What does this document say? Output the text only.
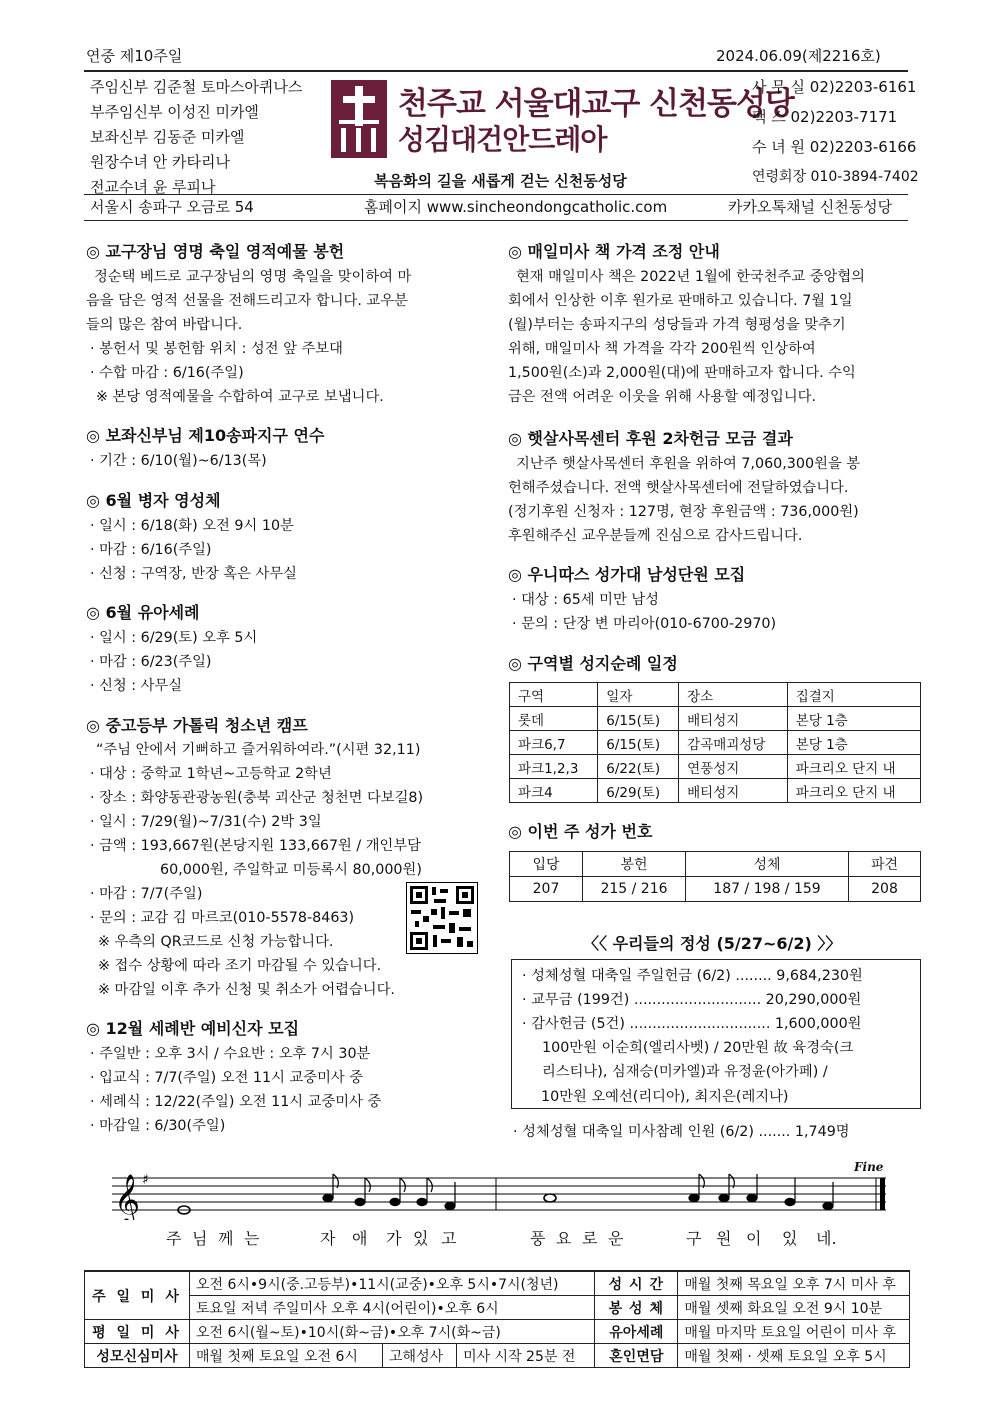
연중 제10주일	2024.06.09(제2216호)
주임신부 김준철 토마스아퀴나스
부주임신부 이성진 미카엘
보좌신부 김동준 미카엘
원장수녀 안 카타리나
전교수녀 윤 루피나
천주교 서울대교구 신천동성당
성김대건안드레아
복음화의 길을 새롭게 걷는 신천동성당
사 무 실 02)2203-6161
팩 스 02)2203-7171
수 녀 원 02)2203-6166
연령회장 010-3894-7402
서울시 송파구 오금로 54	홈페이지 www.sincheondongcatholic.com	카카오톡채널 신천동성당
◎ 교구장님 영명 축일 영적예물 봉헌
정순택 베드로 교구장님의 영명 축일을 맞이하여 마
음을 담은 영적 선물을 전해드리고자 합니다. 교우분
들의 많은 참여 바랍니다.
· 봉헌서 및 봉헌함 위치 : 성전 앞 주보대
· 수합 마감 : 6/16(주일)
※ 본당 영적예물을 수합하여 교구로 보냅니다.
◎ 보좌신부님 제10송파지구 연수
· 기간 : 6/10(월)~6/13(목)
◎ 6월 병자 영성체
· 일시 : 6/18(화) 오전 9시 10분
· 마감 : 6/16(주일)
· 신청 : 구역장, 반장 혹은 사무실
◎ 6월 유아세례
· 일시 : 6/29(토) 오후 5시
· 마감 : 6/23(주일)
· 신청 : 사무실
◎ 중고등부 가톨릭 청소년 캠프
“주님 안에서 기뻐하고 즐거워하여라.”(시편 32,11)
· 대상 : 중학교 1학년~고등학교 2학년
· 장소 : 화양동관광농원(충북 괴산군 청천면 다보길8)
· 일시 : 7/29(월)~7/31(수) 2박 3일
· 금액 : 193,667원(본당지원 133,667원 / 개인부담
60,000원, 주일학교 미등록시 80,000원)
· 마감 : 7/7(주일)
· 문의 : 교감 김 마르코(010-5578-8463)
※ 우측의 QR코드로 신청 가능합니다.
※ 접수 상황에 따라 조기 마감될 수 있습니다.
※ 마감일 이후 추가 신청 및 취소가 어렵습니다.
◎ 12월 세례반 예비신자 모집
· 주일반 : 오후 3시 / 수요반 : 오후 7시 30분
· 입교식 : 7/7(주일) 오전 11시 교중미사 중
· 세례식 : 12/22(주일) 오전 11시 교중미사 중
· 마감일 : 6/30(주일)
◎ 매일미사 책 가격 조정 안내
현재 매일미사 책은 2022년 1월에 한국천주교 중앙협의
회에서 인상한 이후 원가로 판매하고 있습니다. 7월 1일
(월)부터는 송파지구의 성당들과 가격 형평성을 맞추기
위해, 매일미사 책 가격을 각각 200원씩 인상하여
1,500원(소)과 2,000원(대)에 판매하고자 합니다. 수익
금은 전액 어려운 이웃을 위해 사용할 예정입니다.
◎ 햇살사목센터 후원 2차헌금 모금 결과
지난주 햇살사목센터 후원을 위하여 7,060,300원을 봉
헌해주셨습니다. 전액 햇살사목센터에 전달하였습니다.
(정기후원 신청자 : 127명, 현장 후원금액 : 736,000원)
후원해주신 교우분들께 진심으로 감사드립니다.
◎ 우니따스 성가대 남성단원 모집
· 대상 : 65세 미만 남성
· 문의 : 단장 변 마리아(010-6700-2970)
◎ 구역별 성지순례 일정
구역	일자	장소	집결지
롯데	6/15(토)	배티성지	본당 1층
파크6,7	6/15(토)	감곡매괴성당	본당 1층
파크1,2,3	6/22(토)	연풍성지	파크리오 단지 내
파크4	6/29(토)	배티성지	파크리오 단지 내
◎ 이번 주 성가 번호
입당	봉헌	성체	파견
207	215 / 216	187 / 198 / 159	208
〈〈 우리들의 정성 (5/27~6/2) 〉〉
· 성체성혈 대축일 주일헌금 (6/2) ........ 9,684,230원
· 교무금 (199건) ............................ 20,290,000원
· 감사헌금 (5건) ............................... 1,600,000원
100만원 이순희(엘리사벳) / 20만원 故 육경숙(크
리스티나), 심재승(미카엘)과 유정윤(아가페) /
10만원 오예선(리디아), 최지은(레지나)
· 성체성혈 대축일 미사참례 인원 (6/2) ....... 1,749명
𝄞 ♯
Fine
주 님 께 는	자 애 가 있 고	풍 요 로 운	구 원 이 있 네.
주 일 미 사	오전 6시•9시(중.고등부)•11시(교중)•오후 5시•7시(청년)			성 시 간	매월 첫째 목요일 오후 7시 미사 후
	토요일 저녁 주일미사 오후 4시(어린이)•오후 6시			봉 성 체	매월 셋째 화요일 오전 9시 10분
평 일 미 사	오전 6시(월~토)•10시(화~금)•오후 7시(화~금)			유아세례	매월 마지막 토요일 어린이 미사 후
성모신심미사	매월 첫째 토요일 오전 6시	고해성사	미사 시작 25분 전	혼인면담	매월 첫째 · 셋째 토요일 오후 5시
